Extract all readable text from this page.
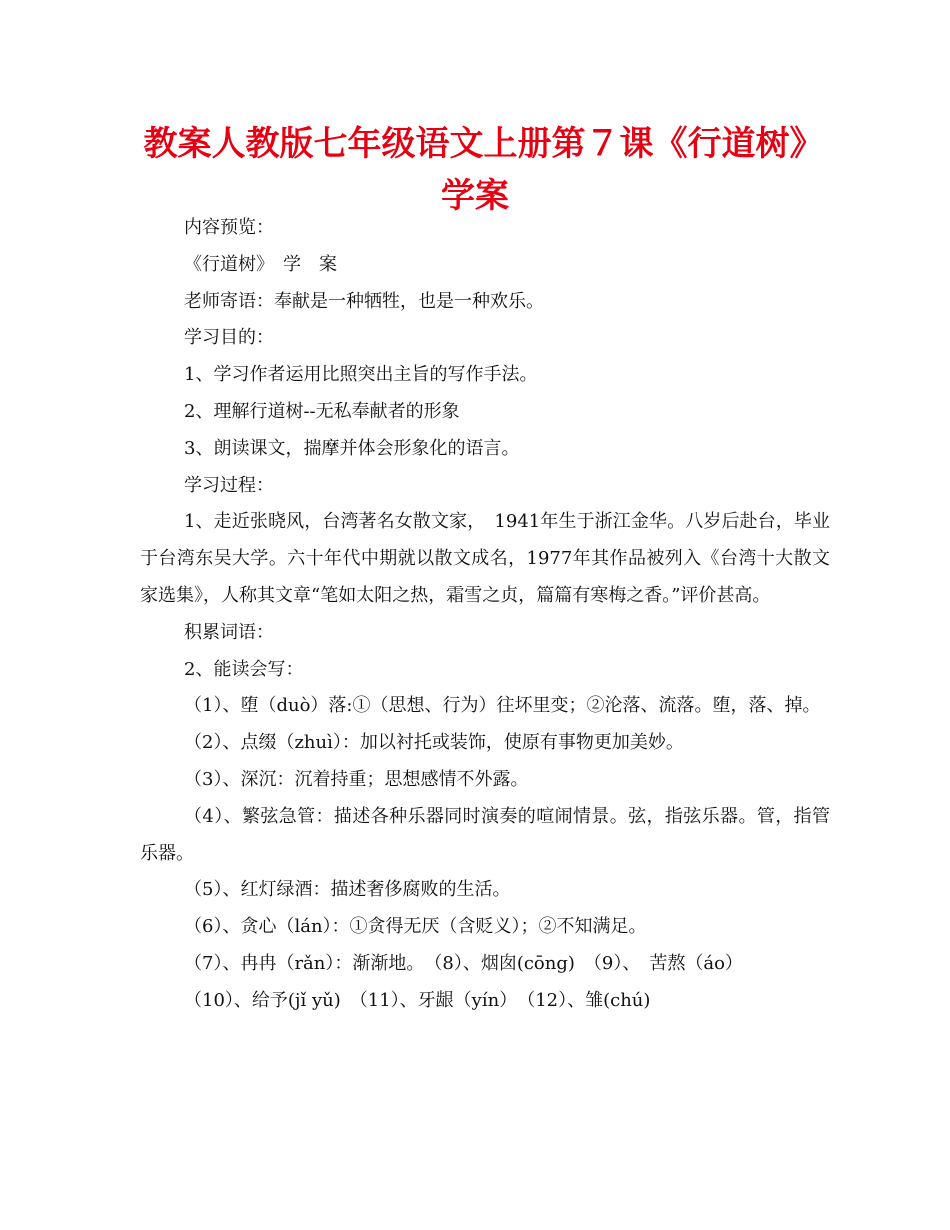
教案人教版七年级语文上册第７课《行道树》学案

内容预览：

《行道树》　学　案

老师寄语：奉献是一种牺牲，也是一种欢乐。

学习目的：

1、学习作者运用比照突出主旨的写作手法。

2、理解行道树--无私奉献者的形象

3、朗读课文，揣摩并体会形象化的语言。

学习过程：

1、走近张晓风，台湾著名女散文家，　1941年生于浙江金华。八岁后赴台，毕业于台湾东吴大学。六十年代中期就以散文成名，1977年其作品被列入《台湾十大散文家选集》，人称其文章“笔如太阳之热，霜雪之贞，篇篇有寒梅之香。”评价甚高。

积累词语：

2、能读会写：

（1）、堕（duò）落:①（思想、行为）往坏里变；②沦落、流落。堕，落、掉。

（2）、点缀（zhuì）：加以衬托或装饰，使原有事物更加美妙。

（3）、深沉：沉着持重；思想感情不外露。

（4）、繁弦急管：描述各种乐器同时演奏的喧闹情景。弦，指弦乐器。管，指管乐器。

（5）、红灯绿酒：描述奢侈腐败的生活。

（6）、贪心（lán）：①贪得无厌（含贬义）；②不知满足。

（7）、冉冉（rǎn）：渐渐地。　（8）、烟囱(cōng)　（9）、　苦熬（áo）

（10）、给予(jǐ yǔ)　（11）、牙龈（yín）　（12）、雏(chú)
